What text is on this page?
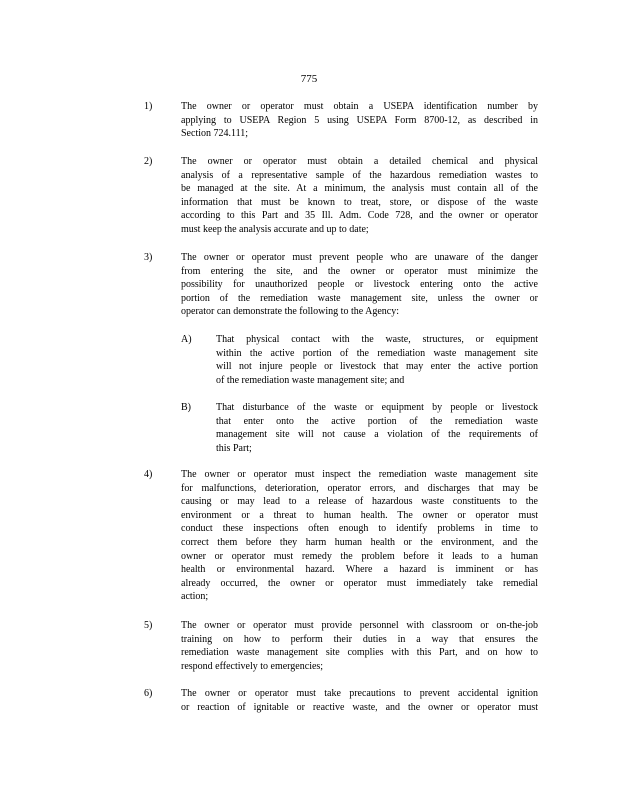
775
1)	The owner or operator must obtain a USEPA identification number by
applying to USEPA Region 5 using USEPA Form 8700-12, as described in
Section 724.111;
2)	The owner or operator must obtain a detailed chemical and physical
analysis of a representative sample of the hazardous remediation wastes to
be managed at the site. At a minimum, the analysis must contain all of the
information that must be known to treat, store, or dispose of the waste
according to this Part and 35 Ill. Adm. Code 728, and the owner or operator
must keep the analysis accurate and up to date;
3)	The owner or operator must prevent people who are unaware of the danger
from entering the site, and the owner or operator must minimize the
possibility for unauthorized people or livestock entering onto the active
portion of the remediation waste management site, unless the owner or
operator can demonstrate the following to the Agency:
A) That physical contact with the waste, structures, or equipment
within the active portion of the remediation waste management site
will not injure people or livestock that may enter the active portion
of the remediation waste management site; and
B)	That disturbance of the waste or equipment by people or livestock
that enter onto the active portion of the remediation waste
management site will not cause a violation of the requirements of
this Part;
4)	The owner or operator must inspect the remediation waste management site
for malfunctions, deterioration, operator errors, and discharges that may be
causing or may lead to a release of hazardous waste constituents to the
environment or a threat to human health. The owner or operator must
conduct these inspections often enough to identify problems in time to
correct them before they harm human health or the environment, and the
owner or operator must remedy the problem before it leads to a human
health or environmental hazard. Where a hazard is imminent or has
already occurred, the owner or operator must immediately take remedial
action;
5)	The owner or operator must provide personnel with classroom or on-the-job
training on how to perform their duties in a way that ensures the
remediation waste management site complies with this Part, and on how to
respond effectively to emergencies;
6)	The owner or operator must take precautions to prevent accidental ignition
or reaction of ignitable or reactive waste, and the owner or operator must
